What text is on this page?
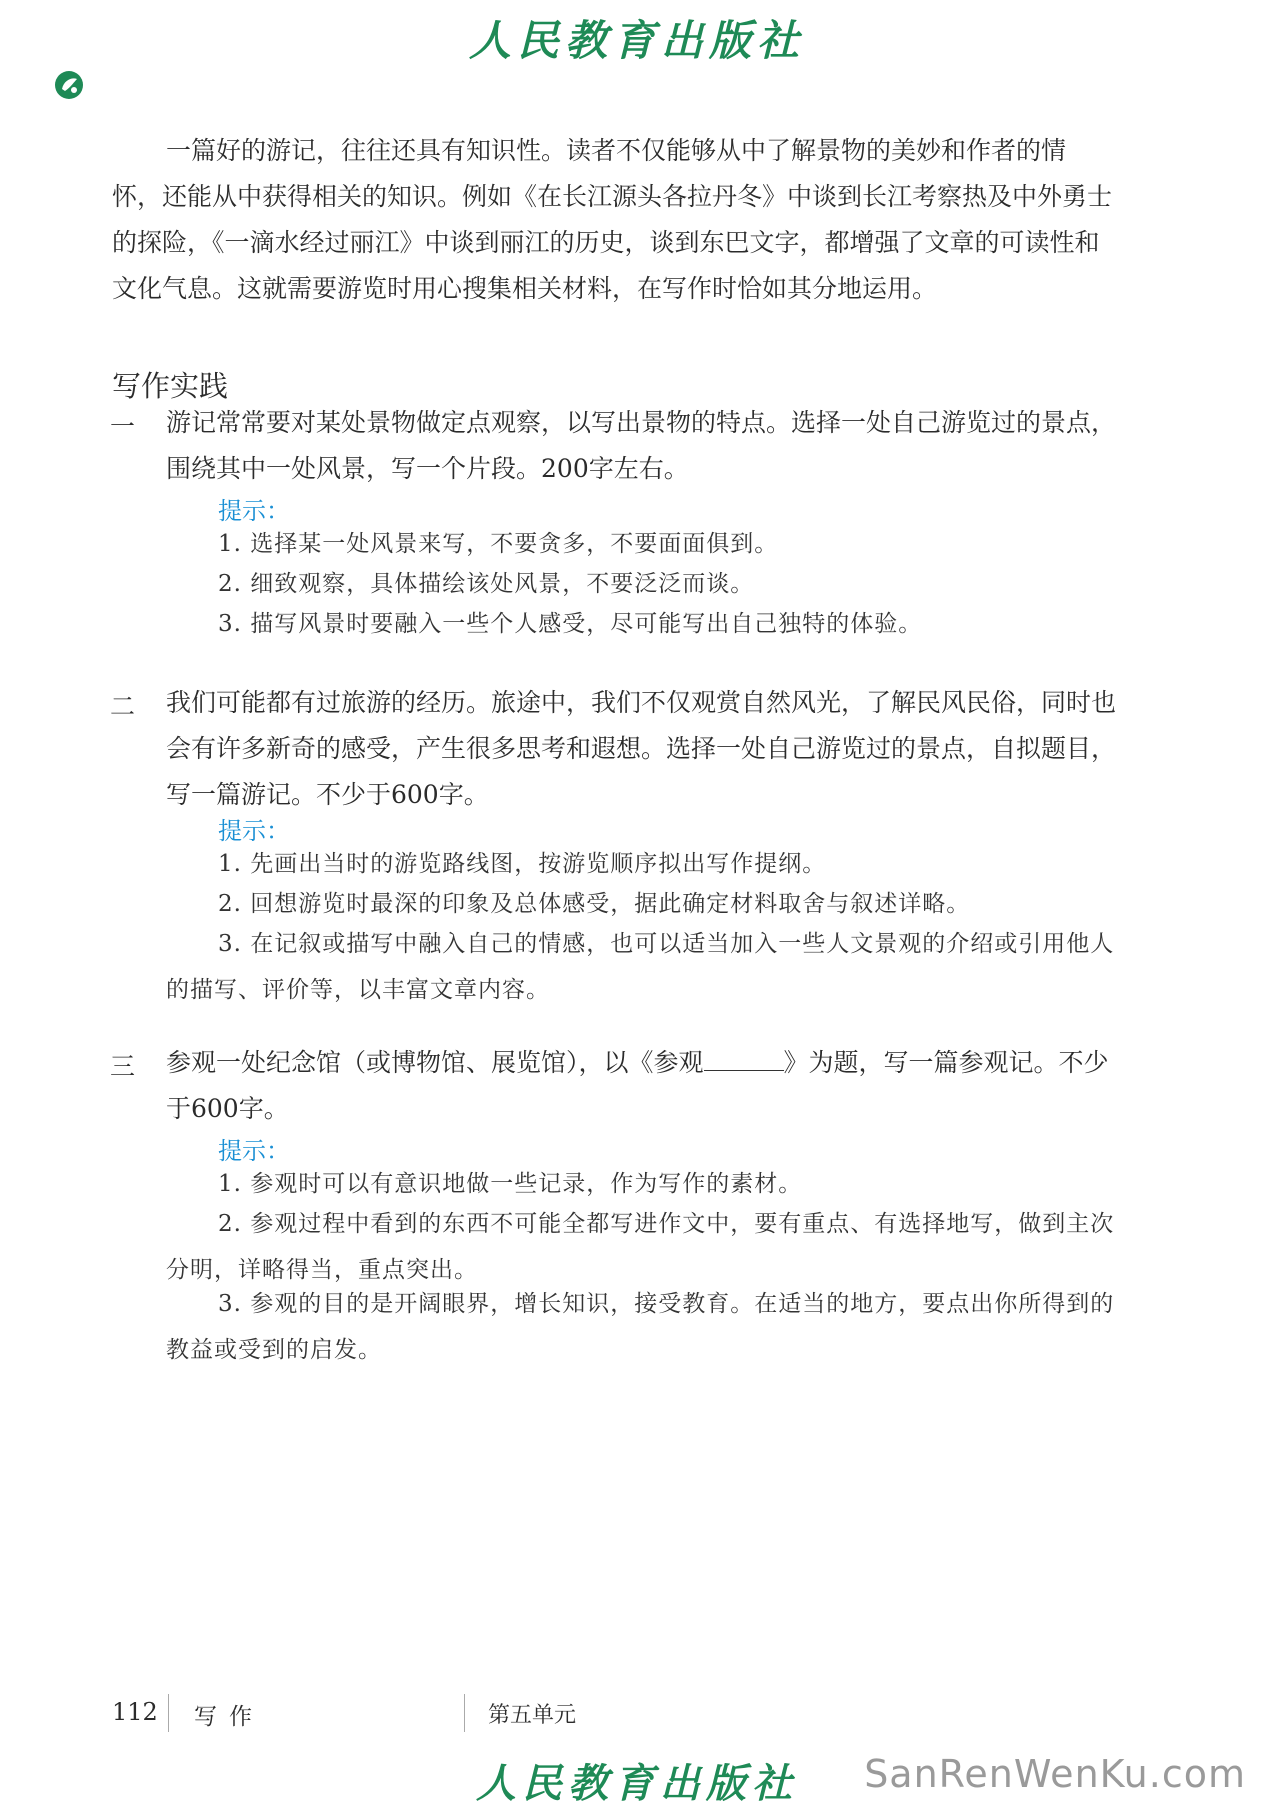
人民教育出版社
一篇好的游记，往往还具有知识性。读者不仅能够从中了解景物的美妙和作者的情怀，还能从中获得相关的知识。例如《在长江源头各拉丹冬》中谈到长江考察热及中外勇士的探险，《一滴水经过丽江》中谈到丽江的历史，谈到东巴文字，都增强了文章的可读性和文化气息。这就需要游览时用心搜集相关材料，在写作时恰如其分地运用。
写作实践
一 游记常常要对某处景物做定点观察，以写出景物的特点。选择一处自己游览过的景点，围绕其中一处风景，写一个片段。200字左右。
提示：
1. 选择某一处风景来写，不要贪多，不要面面俱到。
2. 细致观察，具体描绘该处风景，不要泛泛而谈。
3. 描写风景时要融入一些个人感受，尽可能写出自己独特的体验。
二 我们可能都有过旅游的经历。旅途中，我们不仅观赏自然风光，了解民风民俗，同时也会有许多新奇的感受，产生很多思考和遐想。选择一处自己游览过的景点，自拟题目，写一篇游记。不少于600字。
提示：
1. 先画出当时的游览路线图，按游览顺序拟出写作提纲。
2. 回想游览时最深的印象及总体感受，据此确定材料取舍与叙述详略。
3. 在记叙或描写中融入自己的情感，也可以适当加入一些人文景观的介绍或引用他人的描写、评价等，以丰富文章内容。
三 参观一处纪念馆（或博物馆、展览馆），以《参观	》为题，写一篇参观记。不少于600字。
提示：
1. 参观时可以有意识地做一些记录，作为写作的素材。
2. 参观过程中看到的东西不可能全都写进作文中，要有重点、有选择地写，做到主次分明，详略得当，重点突出。
3. 参观的目的是开阔眼界，增长知识，接受教育。在适当的地方，要点出你所得到的教益或受到的启发。
112 写作	第五单元
人民教育出版社	SanRenWenKu.com
